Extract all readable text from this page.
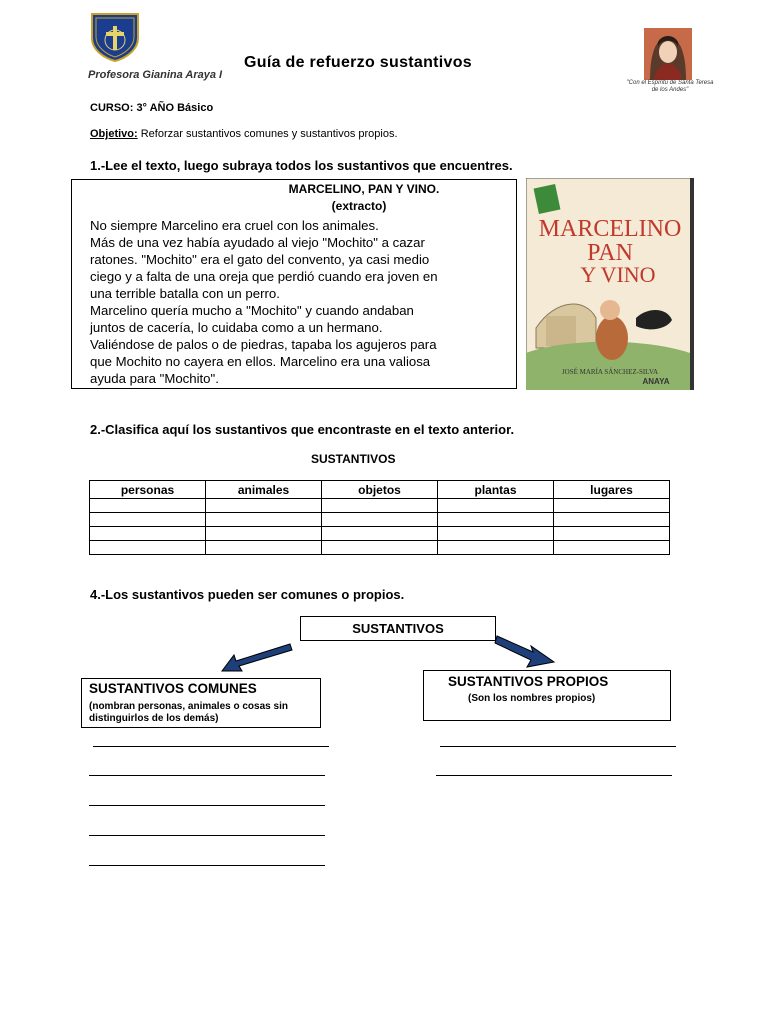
Profesora Gianina Araya I
Guía de refuerzo sustantivos
"Con el Espíritu de Santa Teresa de los Andes"
CURSO: 3° AÑO Básico
Objetivo: Reforzar sustantivos comunes y sustantivos propios.
1.-Lee el texto, luego subraya todos los sustantivos que encuentres.
MARCELINO, PAN Y VINO.
(extracto)

No siempre Marcelino era cruel con los animales.

Más de una vez había ayudado al viejo "Mochito" a cazar

ratones. "Mochito" era el gato del convento, ya casi medio

ciego y a falta de una oreja que perdió cuando era joven en

una terrible batalla con un perro.

Marcelino quería mucho a "Mochito" y cuando andaban

juntos de cacería, lo cuidaba como a un hermano.

Valiéndose de palos o de piedras, tapaba los agujeros para

que Mochito no cayera en ellos. Marcelino era una valiosa

ayuda para "Mochito".

MARCELINO
PAN
Y VINO
JOSÉ MARÍA SÁNCHEZ-SILVA
ANAYA
2.-Clasifica aquí los sustantivos que encontraste en el texto anterior.
SUSTANTIVOS
personas	animales	objetos	plantas	lugares

4.-Los sustantivos pueden ser comunes o propios.
SUSTANTIVOS
SUSTANTIVOS COMUNES
(nombran personas, animales o cosas sin distinguirlos de los demás)
SUSTANTIVOS PROPIOS
(Son los nombres propios)
